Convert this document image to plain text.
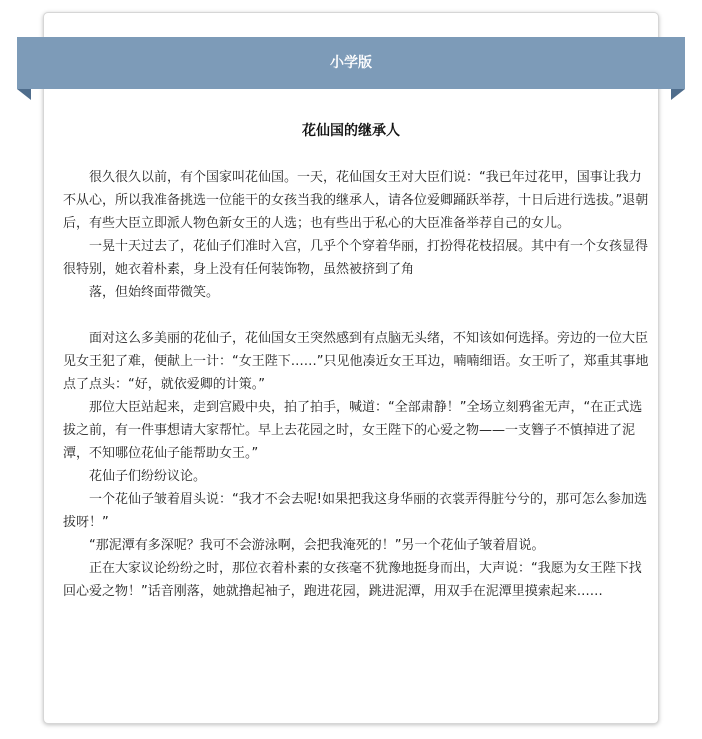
小学版
花仙国的继承人

很久很久以前，有个国家叫花仙国。一天，花仙国女王对大臣们说：“我已年过花甲，国事让我力不从心，所以我准备挑选一位能干的女孩当我的继承人，请各位爱卿踊跃举荐，十日后进行选拔。”退朝后，有些大臣立即派人物色新女王的人选；也有些出于私心的大臣准备举荐自己的女儿。

一晃十天过去了，花仙子们准时入宫，几乎个个穿着华丽，打扮得花枝招展。其中有一个女孩显得很特别，她衣着朴素，身上没有任何装饰物，虽然被挤到了角

落，但始终面带微笑。

面对这么多美丽的花仙子，花仙国女王突然感到有点脑无头绪，不知该如何选择。旁边的一位大臣见女王犯了难，便献上一计：“女王陛下……”只见他凑近女王耳边，喃喃细语。女王听了，郑重其事地点了点头：“好，就依爱卿的计策。”

那位大臣站起来，走到宫殿中央，拍了拍手，喊道：“全部肃静！”全场立刻鸦雀无声，“在正式选拔之前，有一件事想请大家帮忙。早上去花园之时，女王陛下的心爱之物——一支簪子不慎掉进了泥潭，不知哪位花仙子能帮助女王。”

花仙子们纷纷议论。

一个花仙子皱着眉头说：“我才不会去呢!如果把我这身华丽的衣裳弄得脏兮兮的，那可怎么参加选拔呀！”

“那泥潭有多深呢？我可不会游泳啊，会把我淹死的！”另一个花仙子皱着眉说。

正在大家议论纷纷之时，那位衣着朴素的女孩毫不犹豫地挺身而出，大声说：“我愿为女王陛下找回心爱之物！”话音刚落，她就撸起袖子，跑进花园，跳进泥潭，用双手在泥潭里摸索起来……
